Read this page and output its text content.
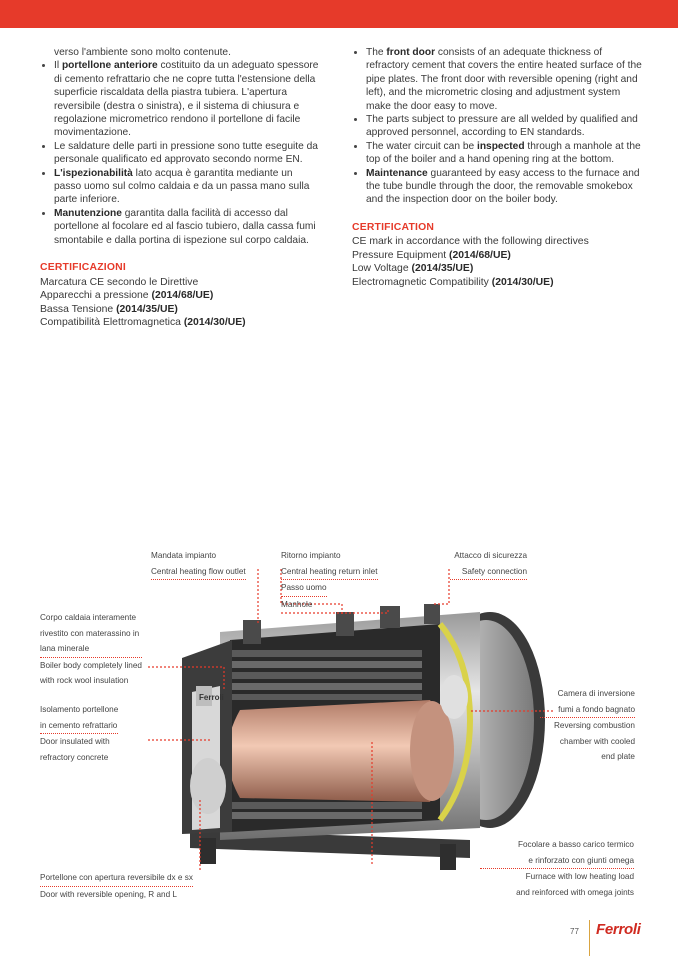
verso l'ambiente sono molto contenute.
• Il portellone anteriore costituito da un adeguato spessore di cemento refrattario che ne copre tutta l'estensione della superficie riscaldata della piastra tubiera. L'apertura reversibile (destra o sinistra), e il sistema di chiusura e regolazione micrometrico rendono il portellone di facile movimentazione.
• Le saldature delle parti in pressione sono tutte eseguite da personale qualificato ed approvato secondo norme EN.
• L'ispezionabilità lato acqua è garantita mediante un passo uomo sul colmo caldaia e da un passa mano sulla parte inferiore.
• Manutenzione garantita dalla facilità di accesso dal portellone al focolare ed al fascio tubiero, dalla cassa fumi smontabile e dalla portina di ispezione sul corpo caldaia.
CERTIFICAZIONI
Marcatura CE secondo le Direttive
Apparecchi a pressione (2014/68/UE)
Bassa Tensione (2014/35/UE)
Compatibilità Elettromagnetica (2014/30/UE)
• The front door consists of an adequate thickness of refractory cement that covers the entire heated surface of the pipe plates. The front door with reversible opening (right and left), and the micrometric closing and adjustment system make the door easy to move.
• The parts subject to pressure are all welded by qualified and approved personnel, according to EN standards.
• The water circuit can be inspected through a manhole at the top of the boiler and a hand opening ring at the bottom.
• Maintenance guaranteed by easy access to the furnace and the tube bundle through the door, the removable smokebox and the inspection door on the boiler body.
CERTIFICATION
CE mark in accordance with the following directives
Pressure Equipment (2014/68/UE)
Low Voltage (2014/35/UE)
Electromagnetic Compatibility (2014/30/UE)
Ferroli
Mandata impianto
Central heating flow outlet
Ritorno impianto
Central heating return inlet
Passo uomo
Manhole
Attacco di sicurezza
Safety connection
Corpo caldaia interamente
rivestito con materassino in
lana minerale
Boiler body completely lined
with rock wool insulation
Isolamento portellone
in cemento refrattario
Door insulated with
refractory concrete
Camera di inversione
fumi a fondo bagnato
Reversing combustion
chamber with cooled
end plate
Portellone con apertura reversibile dx e sx
Door with reversible opening, R and L
Focolare a basso carico termico
e rinforzato con giunti omega
Furnace with low heating load
and reinforced with omega joints
77 Ferroli
